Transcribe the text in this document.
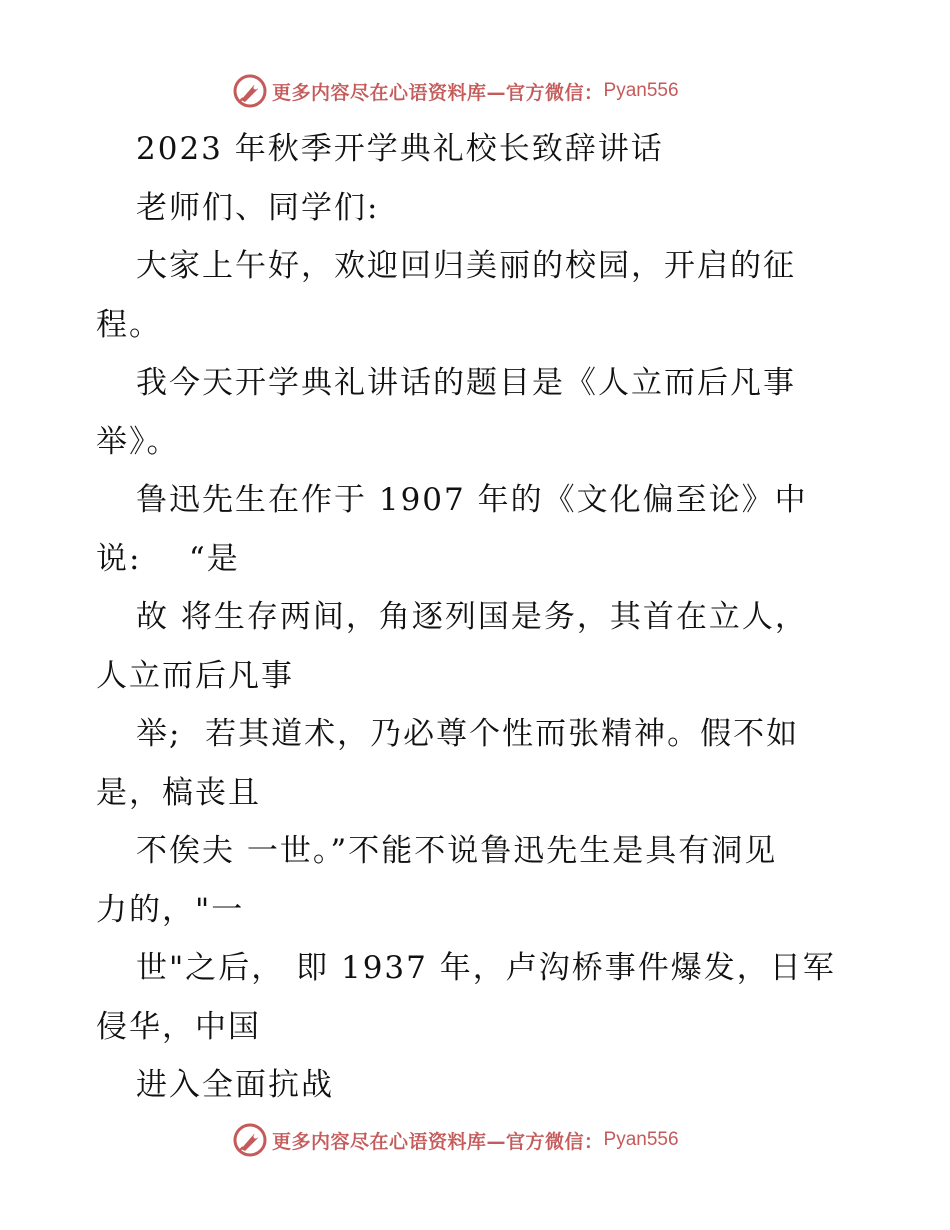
更多内容尽在心语资料库—官方微信： Pyan556
2023 年秋季开学典礼校长致辞讲话
老师们、同学们:
大家上午好，欢迎回归美丽的校园，开启的征
程。
我今天开学典礼讲话的题目是《人立而后凡事
举》。
鲁迅先生在作于 1907 年的《文化偏至论》中
说:    “是
故 将生存两间，角逐列国是务，其首在立人，
人立而后凡事
举;  若其道术，乃必尊个性而张精神。假不如
是，槁丧且
不俟夫 一世。”不能不说鲁迅先生是具有洞见
力的，"一
世"之后， 即 1937 年，卢沟桥事件爆发，日军
侵华，中国
进入全面抗战
更多内容尽在心语资料库—官方微信： Pyan556
